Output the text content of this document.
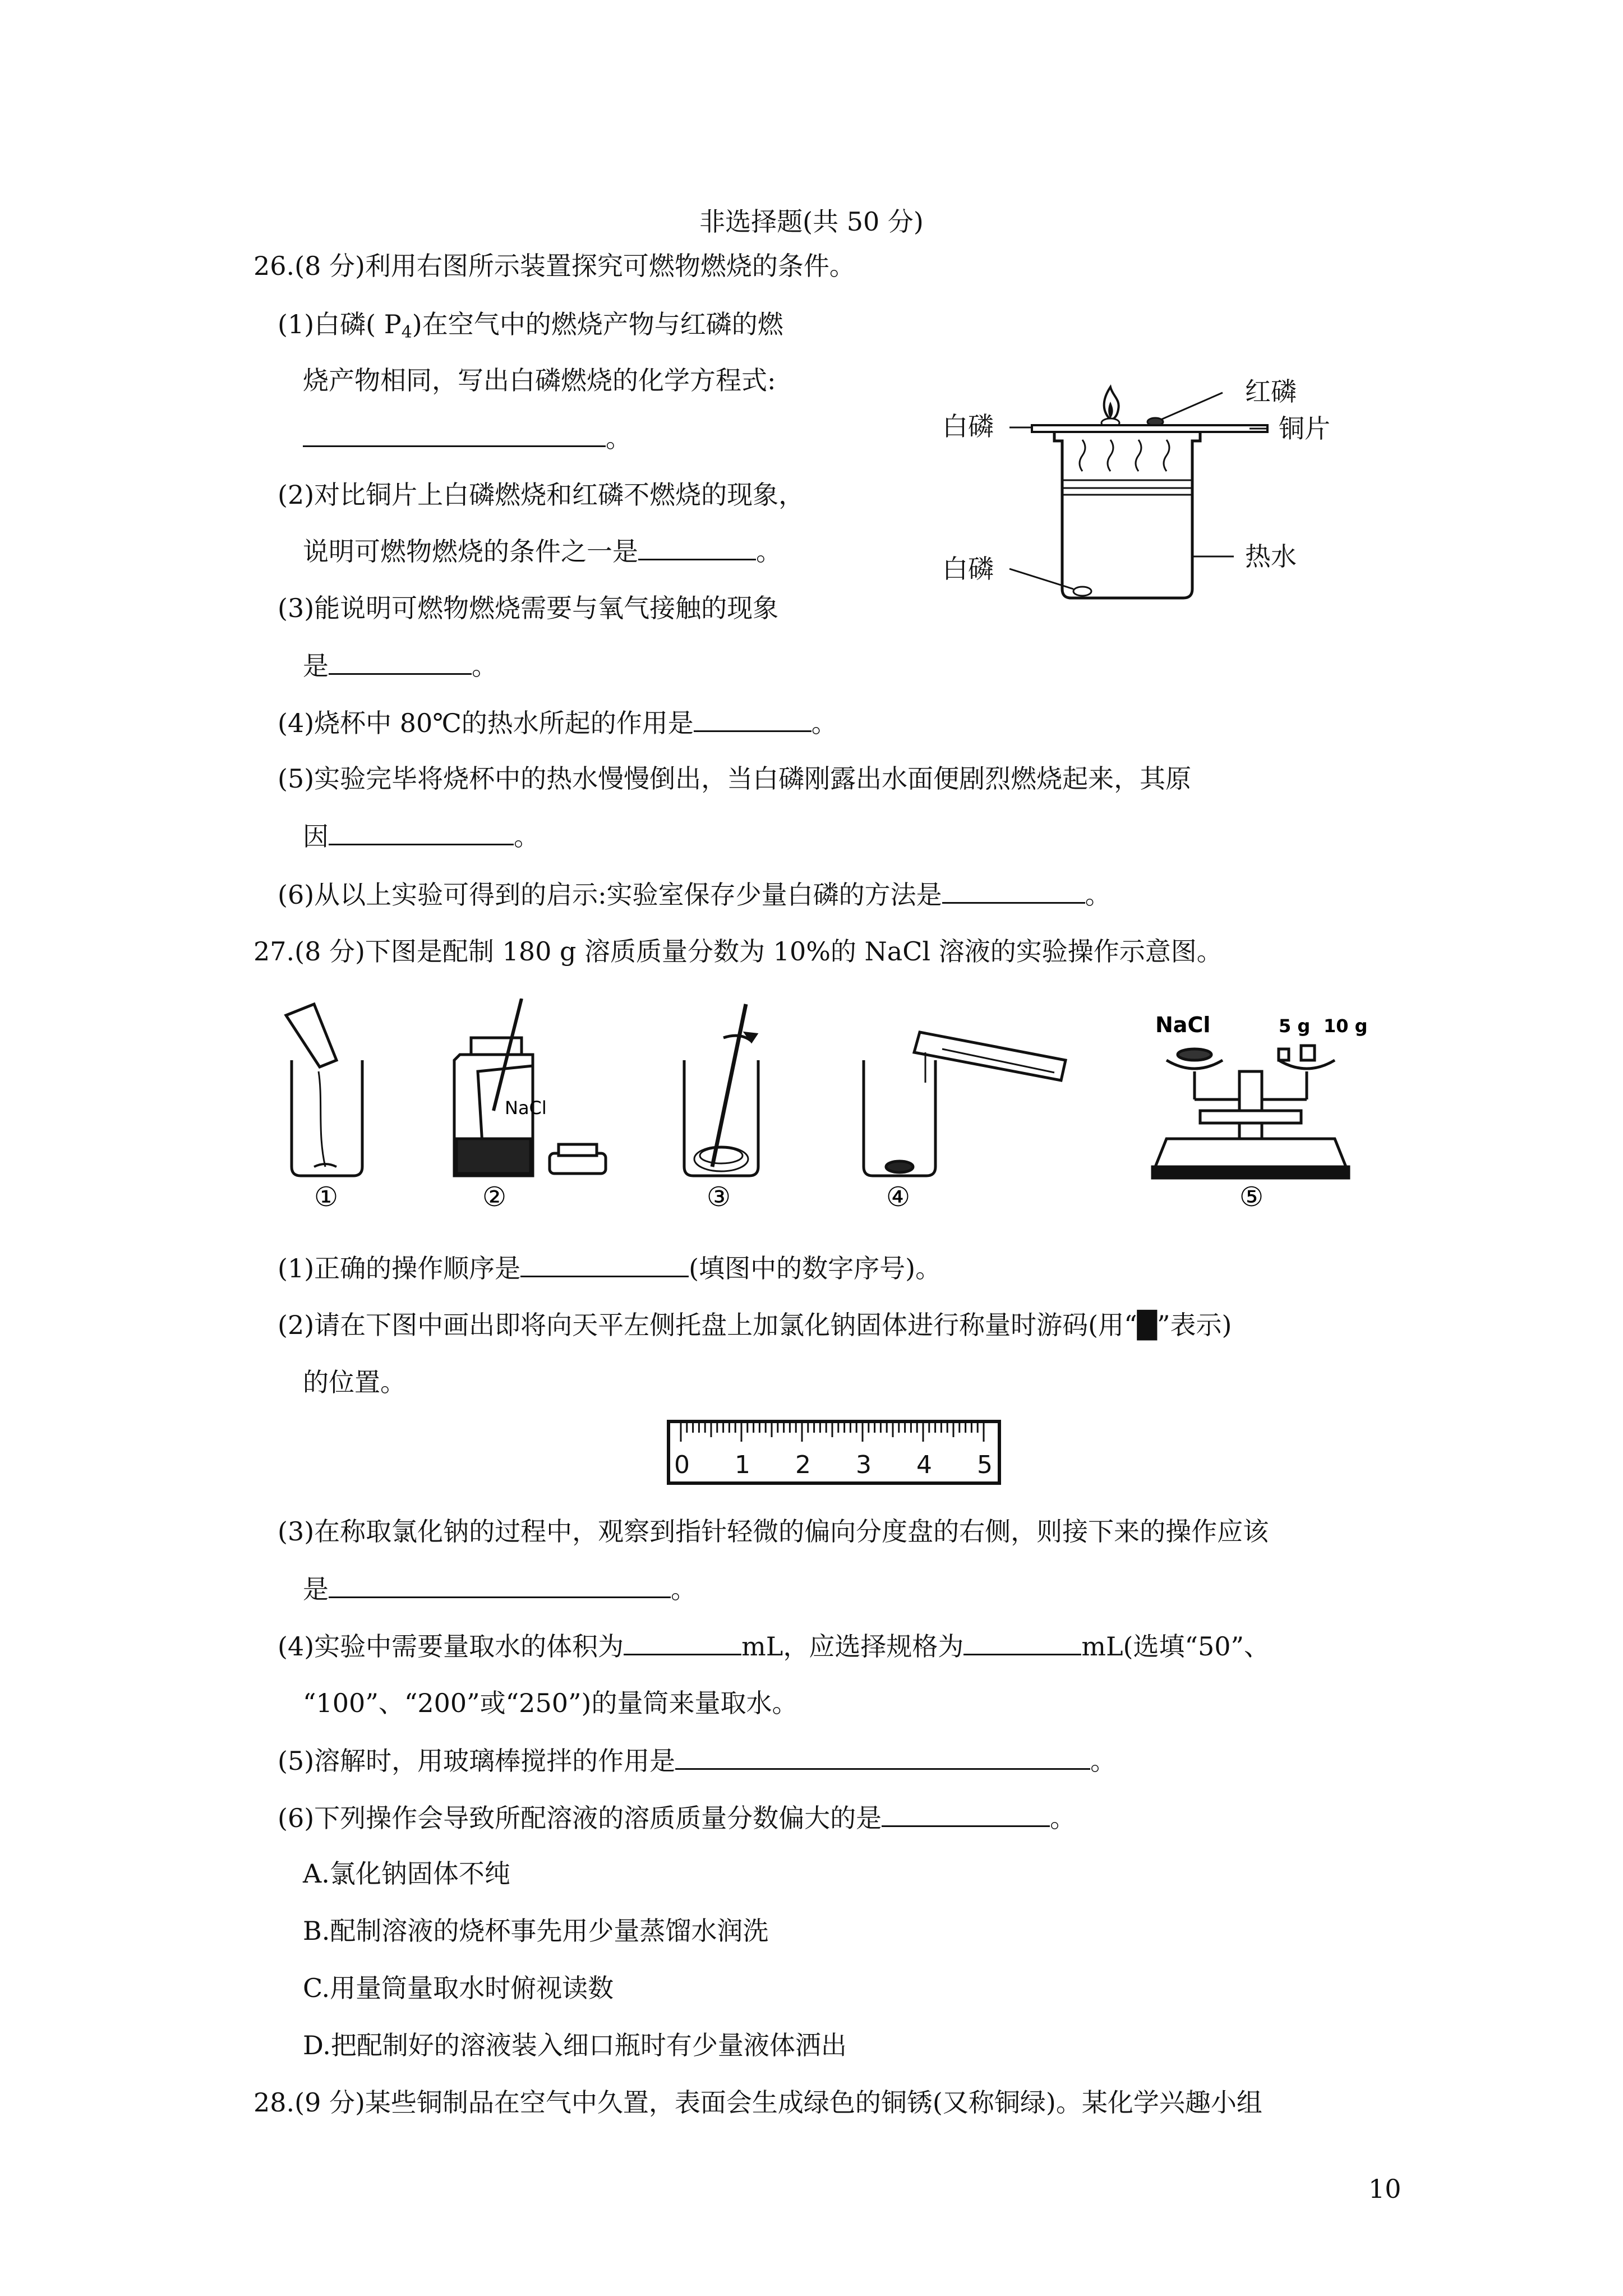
非选择题(共 50 分)
26.(8 分)利用右图所示装置探究可燃物燃烧的条件。
(1)白磷( $P_4$)在空气中的燃烧产物与红磷的燃
烧产物相同，写出白磷燃烧的化学方程式:
。
(2)对比铜片上白磷燃烧和红磷不燃烧的现象，
说明可燃物燃烧的条件之一是	。
(3)能说明可燃物燃烧需要与氧气接触的现象
是	。
(4)烧杯中 80℃的热水所起的作用是	。
(5)实验完毕将烧杯中的热水慢慢倒出，当白磷刚露出水面便剧烈燃烧起来，其原
因	。
(6)从以上实验可得到的启示:实验室保存少量白磷的方法是	。
白磷
红磷
铜片
白磷	热水
27.(8 分)下图是配制 180 g 溶质质量分数为 10%的 NaCl 溶液的实验操作示意图。
①
NaCl
②	③	④
NaCl	5 g 10 g
⑤
(1)正确的操作顺序是	(填图中的数字序号)。
(2)请在下图中画出即将向天平左侧托盘上加氯化钠固体进行称量时游码(用“█”表示)
的位置。
0 1 2 3 4 5
(3)在称取氯化钠的过程中，观察到指针轻微的偏向分度盘的右侧，则接下来的操作应该
是	。
(4)实验中需要量取水的体积为	mL，应选择规格为	mL(选填“50”、
“100”、“200”或“250”)的量筒来量取水。
(5)溶解时，用玻璃棒搅拌的作用是	。
(6)下列操作会导致所配溶液的溶质质量分数偏大的是	。
A.氯化钠固体不纯
B.配制溶液的烧杯事先用少量蒸馏水润洗
C.用量筒量取水时俯视读数
D.把配制好的溶液装入细口瓶时有少量液体洒出
28.(9 分)某些铜制品在空气中久置，表面会生成绿色的铜锈(又称铜绿)。某化学兴趣小组
10
